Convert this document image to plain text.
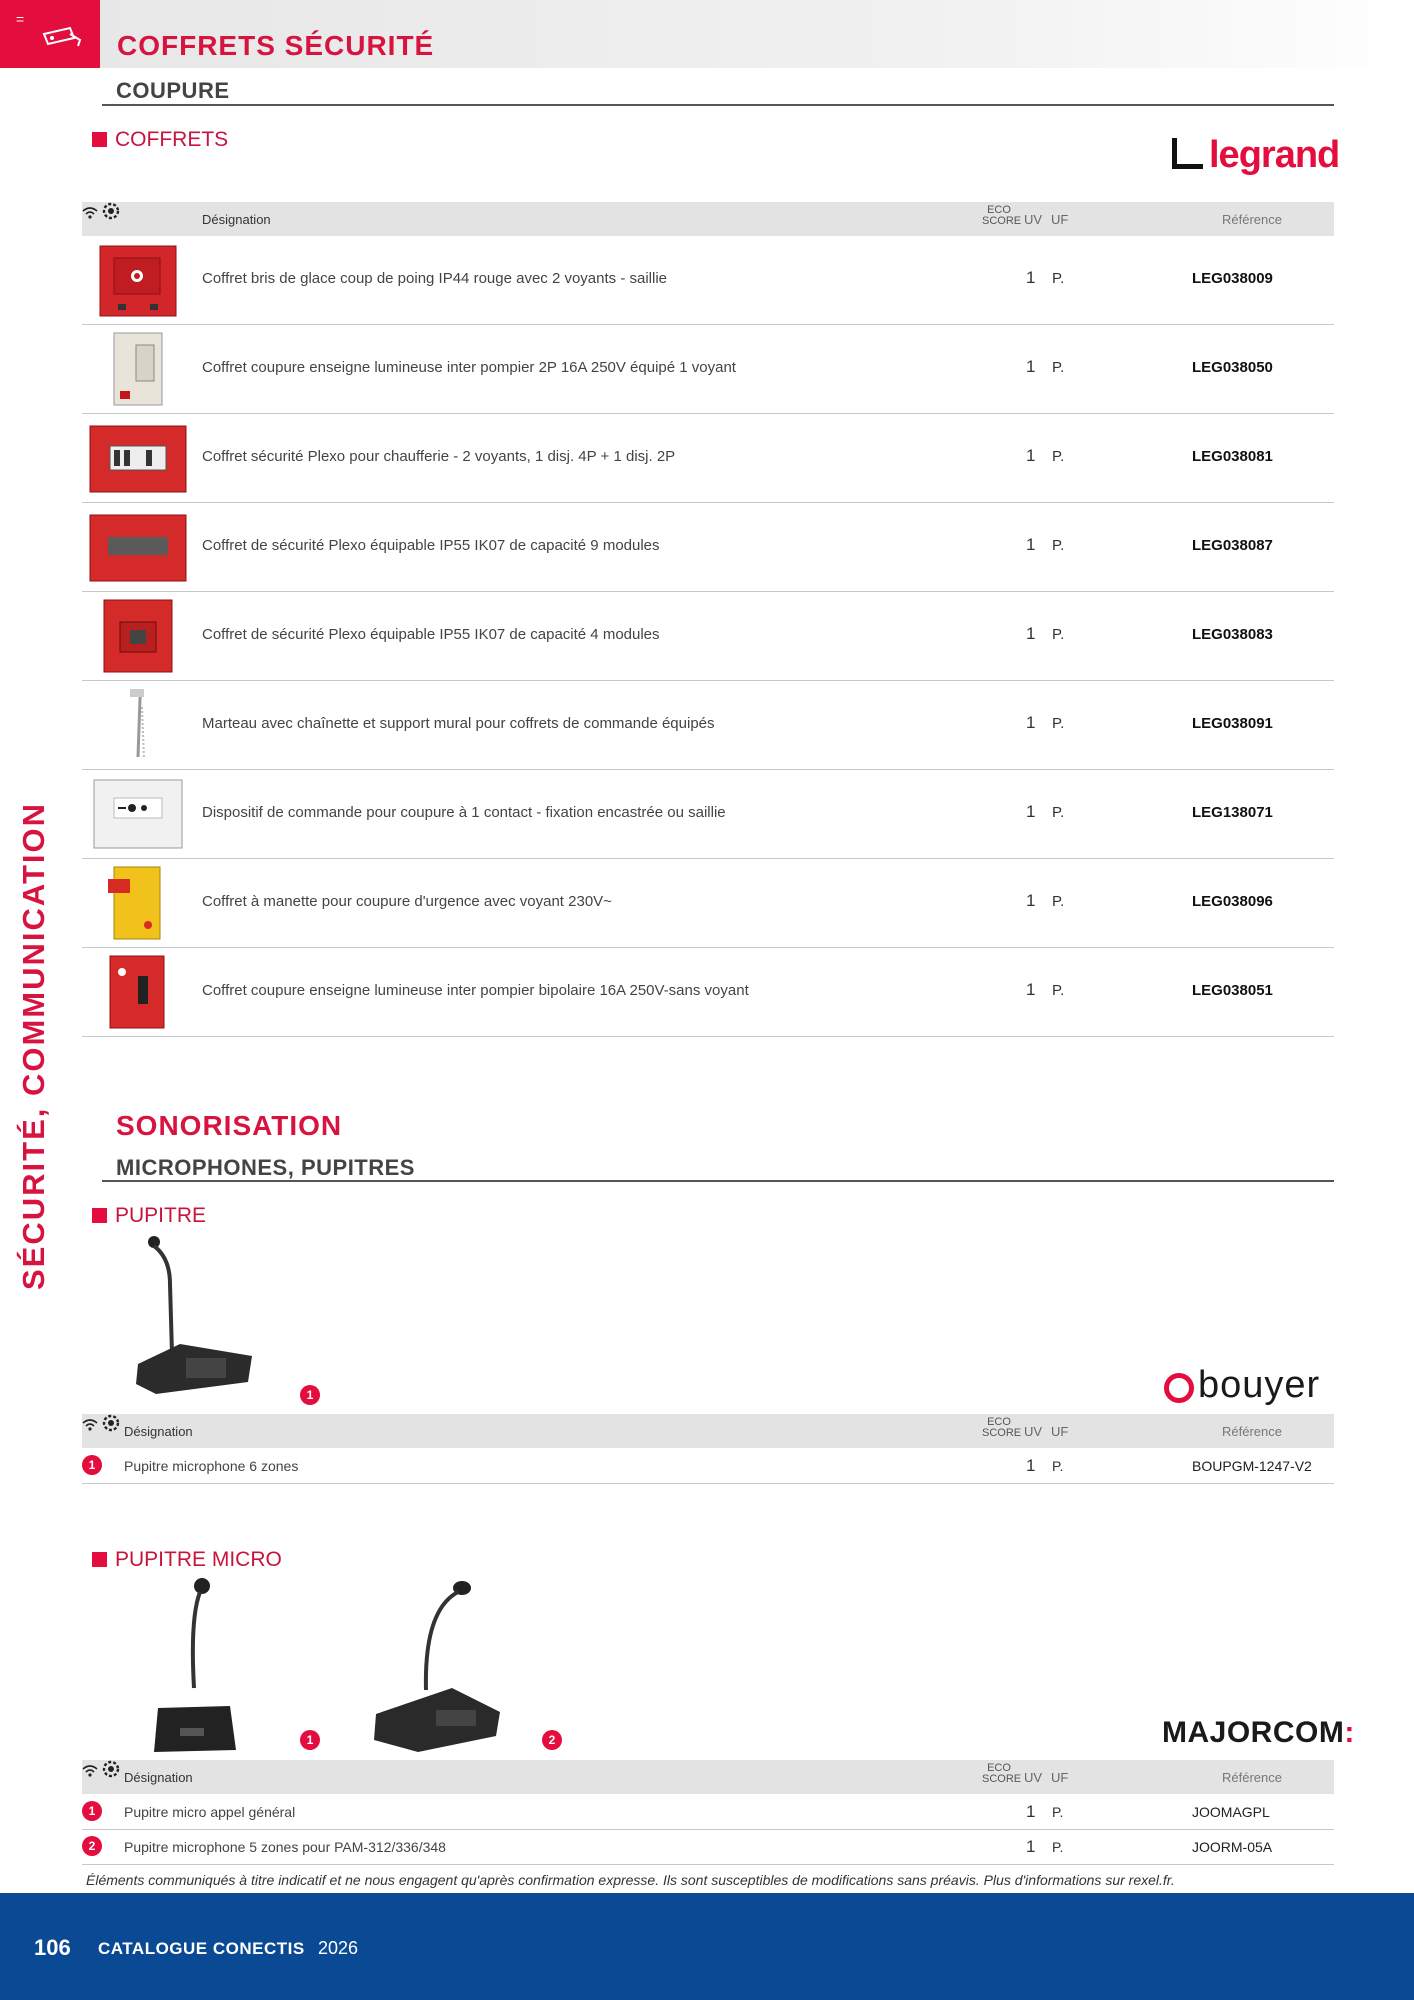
=
COFFRETS SÉCURITÉ
COUPURE
SÉCURITÉ, COMMUNICATION
COFFRETS	legrand
Désignation

ECO
SCORE UV UF	Référence
Coffret bris de glace coup de poing IP44 rouge avec 2 voyants - saillie	1 P.	LEG038009
Coffret coupure enseigne lumineuse inter pompier 2P 16A 250V équipé 1 voyant	1 P.	LEG038050
Coffret sécurité Plexo pour chaufferie - 2 voyants, 1 disj. 4P + 1 disj. 2P	1 P.	LEG038081
Coffret de sécurité Plexo équipable IP55 IK07 de capacité 9 modules	1 P.	LEG038087
Coffret de sécurité Plexo équipable IP55 IK07 de capacité 4 modules	1 P.	LEG038083
Marteau avec chaînette et support mural pour coffrets de commande équipés	1 P.	LEG038091
Dispositif de commande pour coupure à 1 contact - fixation encastrée ou saillie	1 P.	LEG138071
Coffret à manette pour coupure d'urgence avec voyant 230V~	1 P.	LEG038096
Coffret coupure enseigne lumineuse inter pompier bipolaire 16A 250V-sans voyant	1 P.	LEG038051
SONORISATION
MICROPHONES, PUPITRES
PUPITRE
1	bouyer
Désignation

ECO
SCORE UV UF	Référence
1	Pupitre microphone 6 zones	1 P.	BOUPGM-1247-V2
PUPITRE MICRO
1	2	MAJORCOM:
Désignation

ECO
SCORE UV UF	Référence
1	Pupitre micro appel général	1 P.	JOOMAGPL
2	Pupitre microphone 5 zones pour PAM-312/336/348	1 P.	JOORM-05A
Éléments communiqués à titre indicatif et ne nous engagent qu'après confirmation expresse. Ils sont susceptibles de modifications sans préavis. Plus d'informations sur rexel.fr.
106 CATALOGUE CONECTIS 2026
